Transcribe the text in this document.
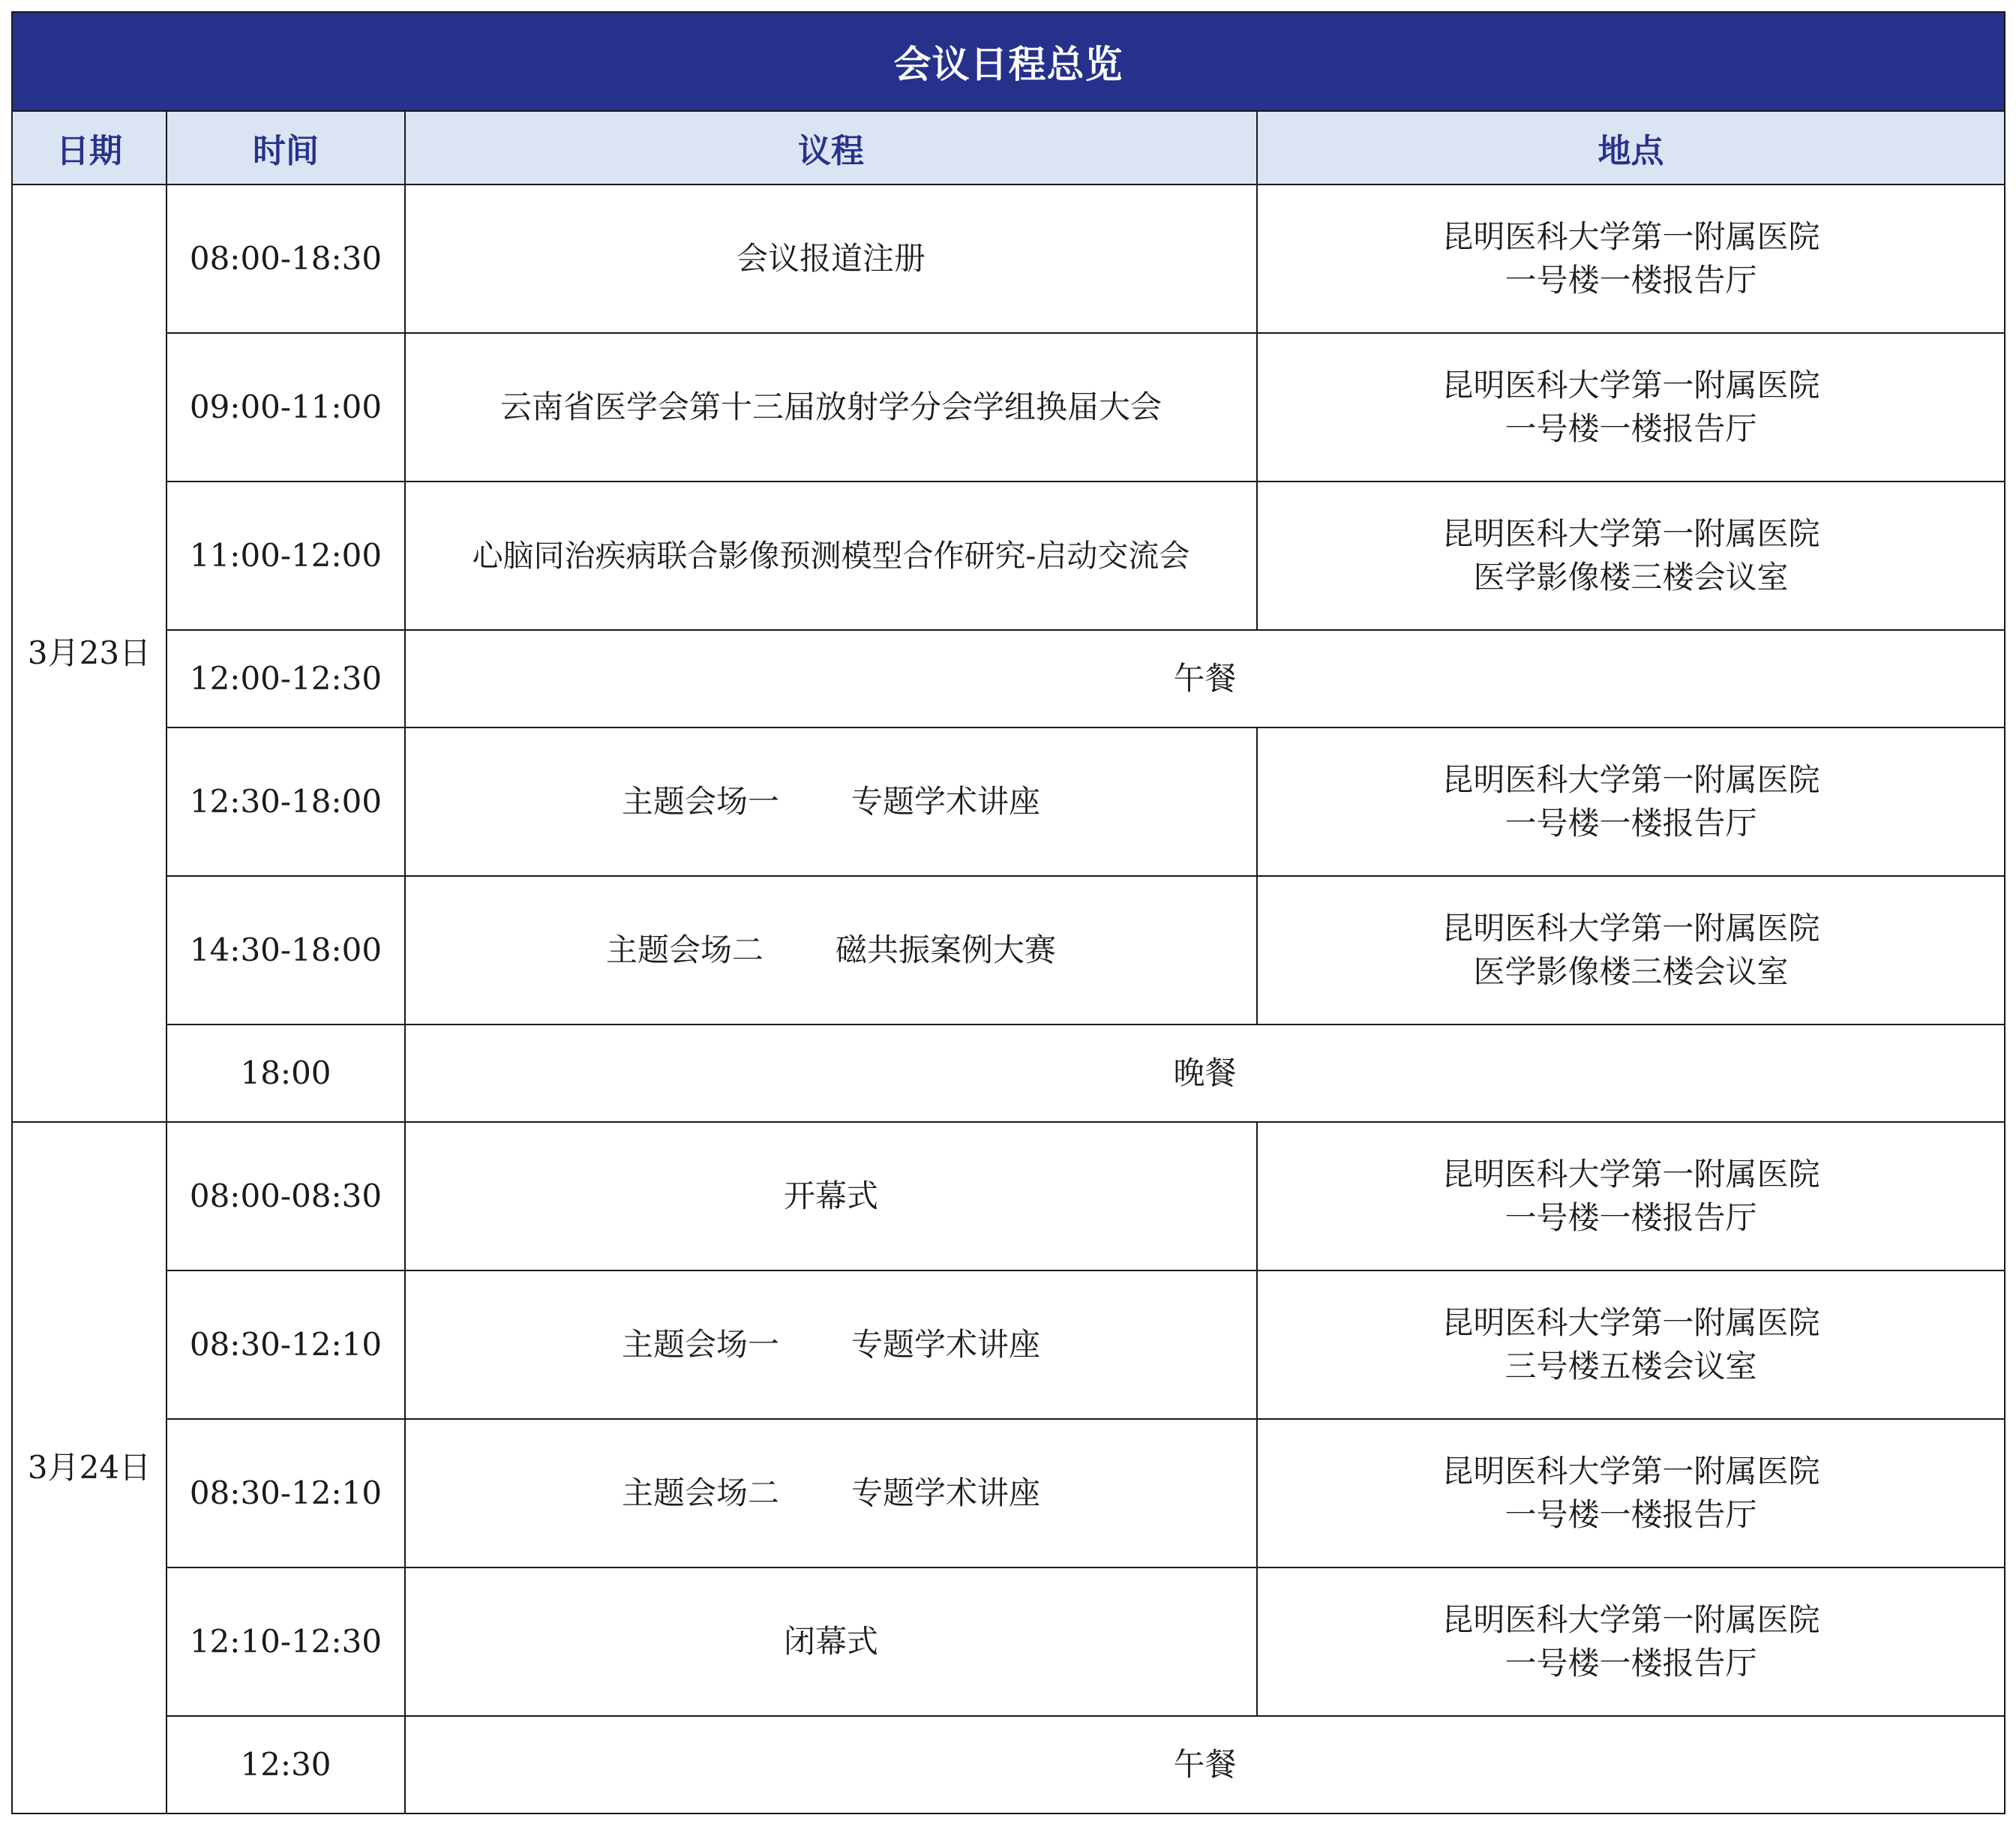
会议日程总览			
日期	时间	议程	地点
3月23日	08:00-18:30	会议报道注册	昆明医科大学第一附属医院
一号楼一楼报告厅

	09:00-11:00	云南省医学会第十三届放射学分会学组换届大会	昆明医科大学第一附属医院
一号楼一楼报告厅

	11:00-12:00	心脑同治疾病联合影像预测模型合作研究-启动交流会	昆明医科大学第一附属医院
医学影像楼三楼会议室

	12:00-12:30	午餐	
	12:30-18:00	主题会场一 专题学术讲座	昆明医科大学第一附属医院
一号楼一楼报告厅

	14:30-18:00	主题会场二 磁共振案例大赛	昆明医科大学第一附属医院
医学影像楼三楼会议室

	18:00	晚餐	
3月24日	08:00-08:30	开幕式	昆明医科大学第一附属医院
一号楼一楼报告厅

	08:30-12:10	主题会场一 专题学术讲座	昆明医科大学第一附属医院
三号楼五楼会议室

	08:30-12:10	主题会场二 专题学术讲座	昆明医科大学第一附属医院
一号楼一楼报告厅

	12:10-12:30	闭幕式	昆明医科大学第一附属医院
一号楼一楼报告厅

	12:30	午餐	
